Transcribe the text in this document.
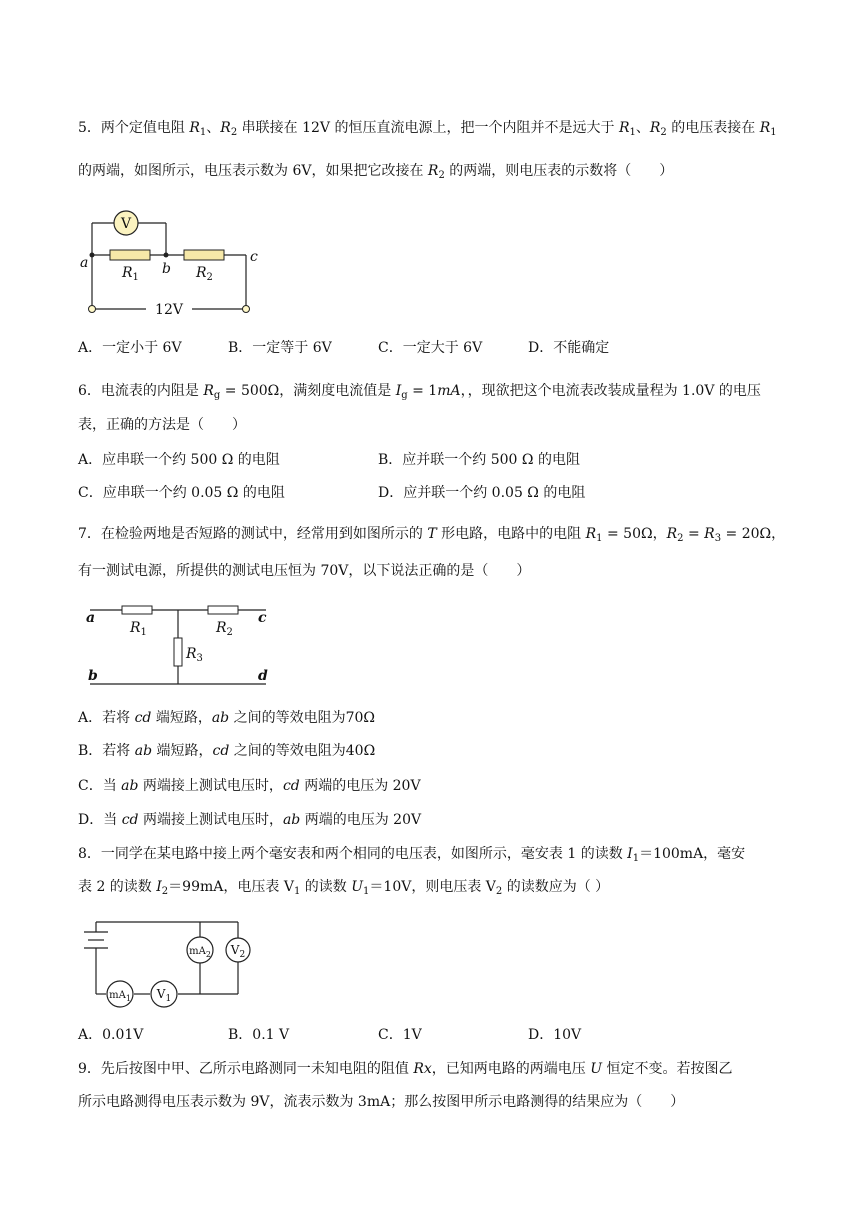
5．两个定值电阻 $R_1$、$R_2$ 串联接在 12V 的恒压直流电源上，把一个内阻并不是远大于 $R_1$、$R_2$ 的电压表接在 $R_1$
的两端，如图所示，电压表示数为 6V，如果把它改接在 $R_2$ 的两端，则电压表的示数将（　　）
V
a	b
c
$R_1$	$R_2$
12V
A．一定小于 6V	B．一定等于 6V	C．一定大于 6V	D．不能确定
6．电流表的内阻是 $R_g = 500\Omega$，满刻度电流值是 $I_g = 1mA$，，现欲把这个电流表改装成量程为 1.0V 的电压
表，正确的方法是（　　）
A．应串联一个约 500 Ω 的电阻	B．应并联一个约 500 Ω 的电阻
C．应串联一个约 0.05 Ω 的电阻	D．应并联一个约 0.05 Ω 的电阻
7．在检验两地是否短路的测试中，经常用到如图所示的 T 形电路，电路中的电阻 $R_1 = 50\Omega$，$R_2 = R_3 = 20\Omega$，
有一测试电源，所提供的测试电压恒为 70V，以下说法正确的是（　　）
a
b
c
d
$R_1$	$R_2$
$R_3$
A．若将 cd 端短路，ab 之间的等效电阻为70Ω
B．若将 ab 端短路，cd 之间的等效电阻为40Ω
C．当 ab 两端接上测试电压时，cd 两端的电压为 20V
D．当 cd 两端接上测试电压时，ab 两端的电压为 20V
8．一同学在某电路中接上两个毫安表和两个相同的电压表，如图所示，毫安表 1 的读数 $I_1=100mA$，毫安
表 2 的读数 $I_2=99mA$，电压表 $V_1$ 的读数 $U_1=10V$，则电压表 $V_2$ 的读数应为（ ）
$mA_2$ $V_2$
$mA_1$ $V_1$
A．0.01V	B．0.1 V	C．1V	D．10V
9．先后按图中甲、乙所示电路测同一未知电阻的阻值 Rx，已知两电路的两端电压 U 恒定不变。若按图乙
所示电路测得电压表示数为 9V，流表示数为 3mA；那么按图甲所示电路测得的结果应为（　　）
